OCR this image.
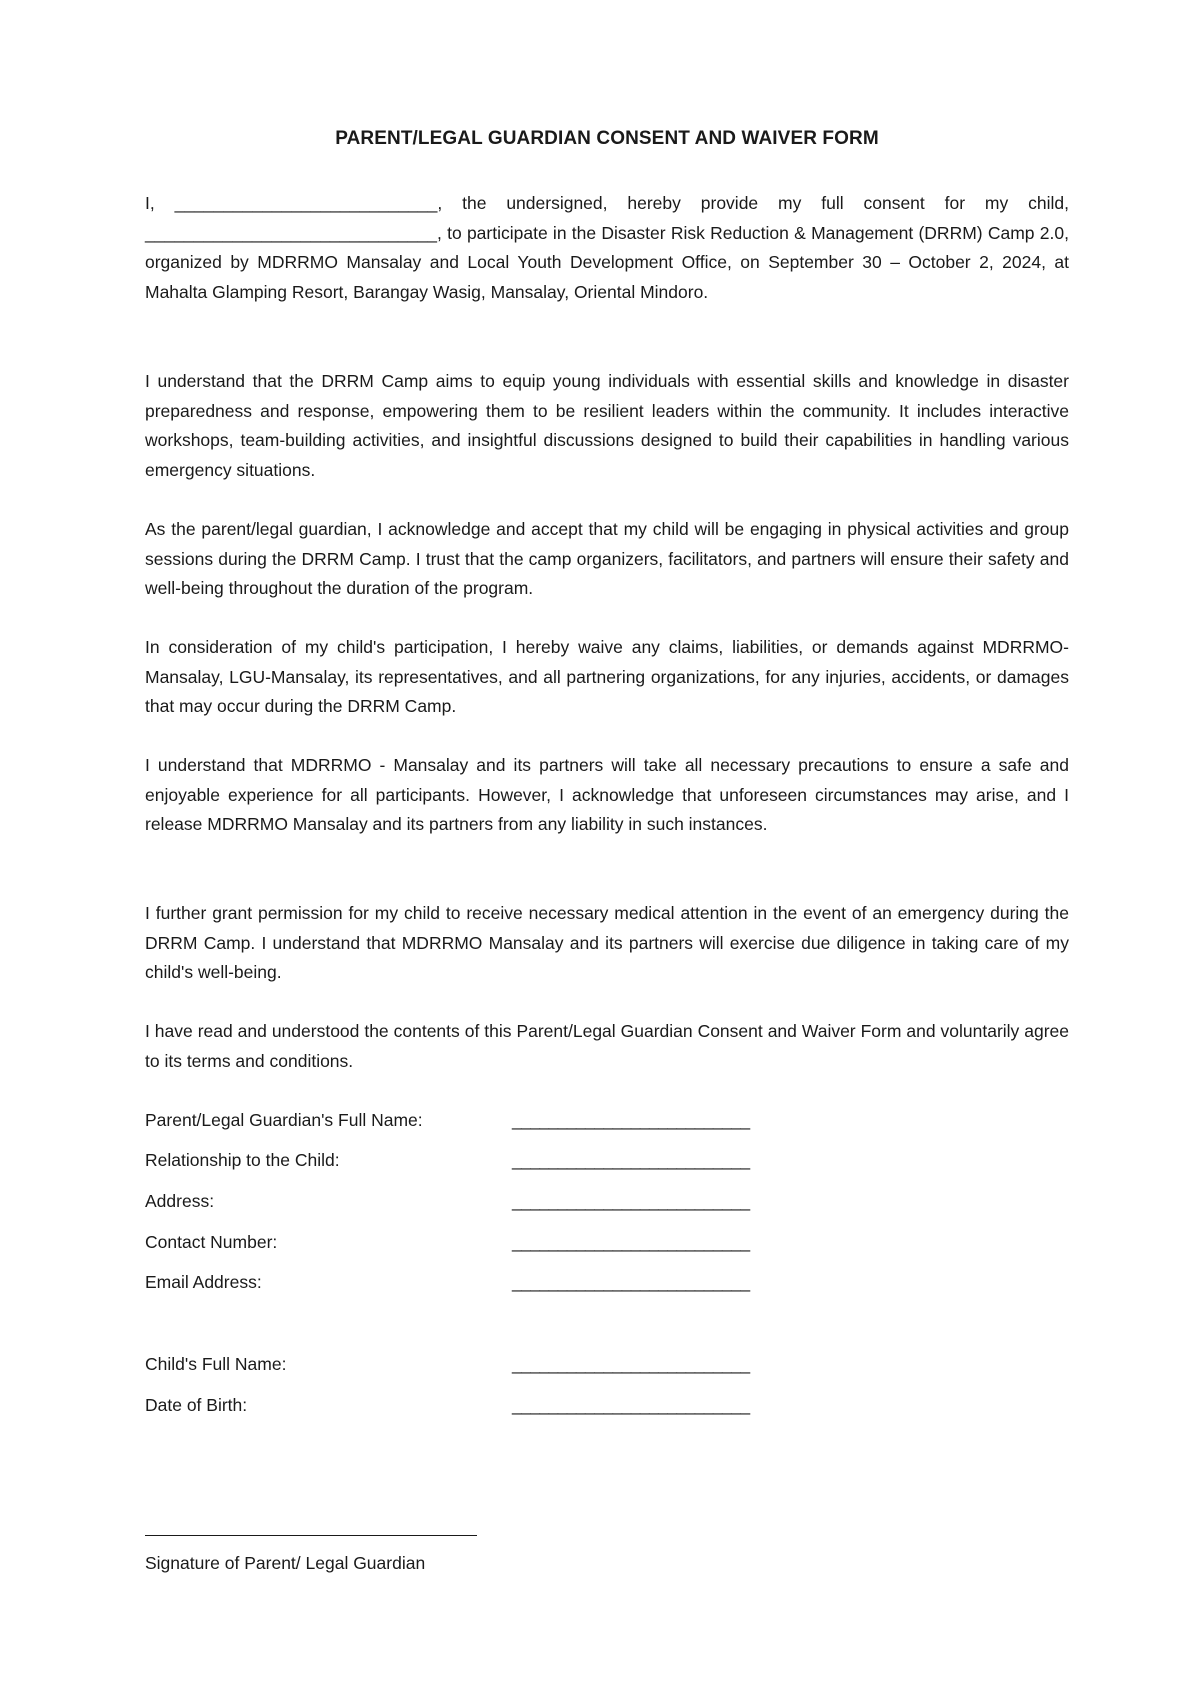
PARENT/LEGAL GUARDIAN CONSENT AND WAIVER FORM

I, ___________________________, the undersigned, hereby provide my full consent for my child, ______________________________, to participate in the Disaster Risk Reduction & Management (DRRM) Camp 2.0, organized by MDRRMO Mansalay and Local Youth Development Office, on September 30 – October 2, 2024, at Mahalta Glamping Resort, Barangay Wasig, Mansalay, Oriental Mindoro.

I understand that the DRRM Camp aims to equip young individuals with essential skills and knowledge in disaster preparedness and response, empowering them to be resilient leaders within the community. It includes interactive workshops, team-building activities, and insightful discussions designed to build their capabilities in handling various emergency situations.

As the parent/legal guardian, I acknowledge and accept that my child will be engaging in physical activities and group sessions during the DRRM Camp. I trust that the camp organizers, facilitators, and partners will ensure their safety and well-being throughout the duration of the program.

In consideration of my child's participation, I hereby waive any claims, liabilities, or demands against MDRRMO-Mansalay, LGU-Mansalay, its representatives, and all partnering organizations, for any injuries, accidents, or damages that may occur during the DRRM Camp.

I understand that MDRRMO - Mansalay and its partners will take all necessary precautions to ensure a safe and enjoyable experience for all participants. However, I acknowledge that unforeseen circumstances may arise, and I release MDRRMO Mansalay and its partners from any liability in such instances.

I further grant permission for my child to receive necessary medical attention in the event of an emergency during the DRRM Camp. I understand that MDRRMO Mansalay and its partners will exercise due diligence in taking care of my child's well-being.

I have read and understood the contents of this Parent/Legal Guardian Consent and Waiver Form and voluntarily agree to its terms and conditions.

Parent/Legal Guardian's Full Name:	__________________________
Relationship to the Child:	__________________________
Address:	__________________________
Contact Number:	__________________________
Email Address:	__________________________
Child's Full Name:	__________________________
Date of Birth:	__________________________
Signature of Parent/ Legal Guardian
